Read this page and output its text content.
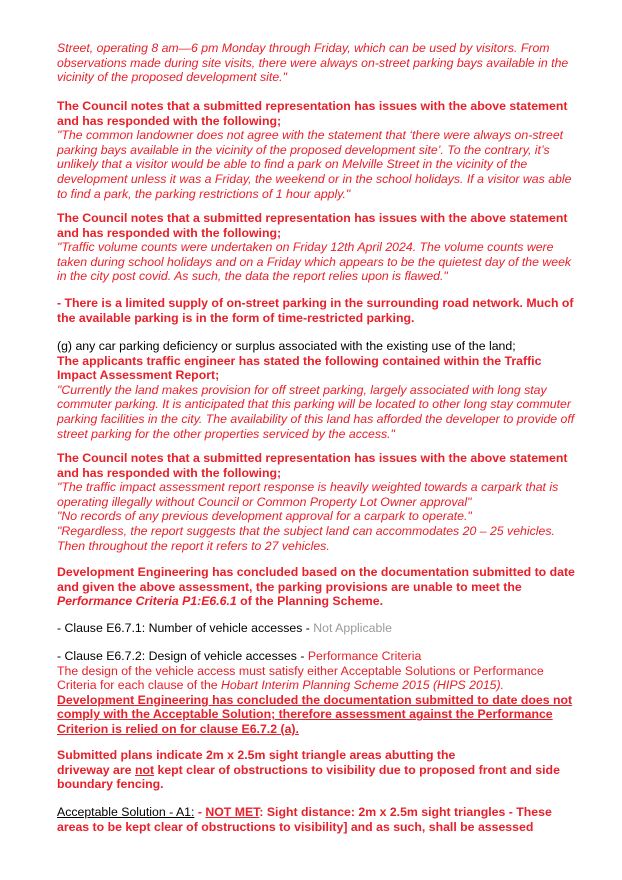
Street, operating 8 am—6 pm Monday through Friday, which can be used by visitors. From observations made during site visits, there were always on-street parking bays available in the vicinity of the proposed development site."

The Council notes that a submitted representation has issues with the above statement and has responded with the following;

"The common landowner does not agree with the statement that ‘there were always on-street parking bays available in the vicinity of the proposed development site’. To the contrary, it’s unlikely that a visitor would be able to find a park on Melville Street in the vicinity of the development unless it was a Friday, the weekend or in the school holidays. If a visitor was able to find a park, the parking restrictions of 1 hour apply."

The Council notes that a submitted representation has issues with the above statement and has responded with the following;

"Traffic volume counts were undertaken on Friday 12th April 2024. The volume counts were taken during school holidays and on a Friday which appears to be the quietest day of the week in the city post covid. As such, the data the report relies upon is flawed."

- There is a limited supply of on-street parking in the surrounding road network. Much of the available parking is in the form of time-restricted parking.

(g) any car parking deficiency or surplus associated with the existing use of the land;

The applicants traffic engineer has stated the following contained within the Traffic Impact Assessment Report;

"Currently the land makes provision for off street parking, largely associated with long stay commuter parking. It is anticipated that this parking will be located to other long stay commuter parking facilities in the city. The availability of this land has afforded the developer to provide off street parking for the other properties serviced by the access."

The Council notes that a submitted representation has issues with the above statement and has responded with the following;

"The traffic impact assessment report response is heavily weighted towards a carpark that is operating illegally without Council or Common Property Lot Owner approval"

"No records of any previous development approval for a carpark to operate."

"Regardless, the report suggests that the subject land can accommodates 20 – 25 vehicles. Then throughout the report it refers to 27 vehicles.

Development Engineering has concluded based on the documentation submitted to date and given the above assessment, the parking provisions are unable to meet the Performance Criteria P1:E6.6.1 of the Planning Scheme.

- Clause E6.7.1: Number of vehicle accesses - Not Applicable

- Clause E6.7.2: Design of vehicle accesses - Performance Criteria

The design of the vehicle access must satisfy either Acceptable Solutions or Performance Criteria for each clause of the Hobart Interim Planning Scheme 2015 (HIPS 2015).

Development Engineering has concluded the documentation submitted to date does not comply with the Acceptable Solution; therefore assessment against the Performance Criterion is relied on for clause E6.7.2 (a).

Submitted plans indicate 2m x 2.5m sight triangle areas abutting the

driveway are not kept clear of obstructions to visibility due to proposed front and side boundary fencing.

Acceptable Solution - A1: - NOT MET: Sight distance: 2m x 2.5m sight triangles - These areas to be kept clear of obstructions to visibility] and as such, shall be assessed
